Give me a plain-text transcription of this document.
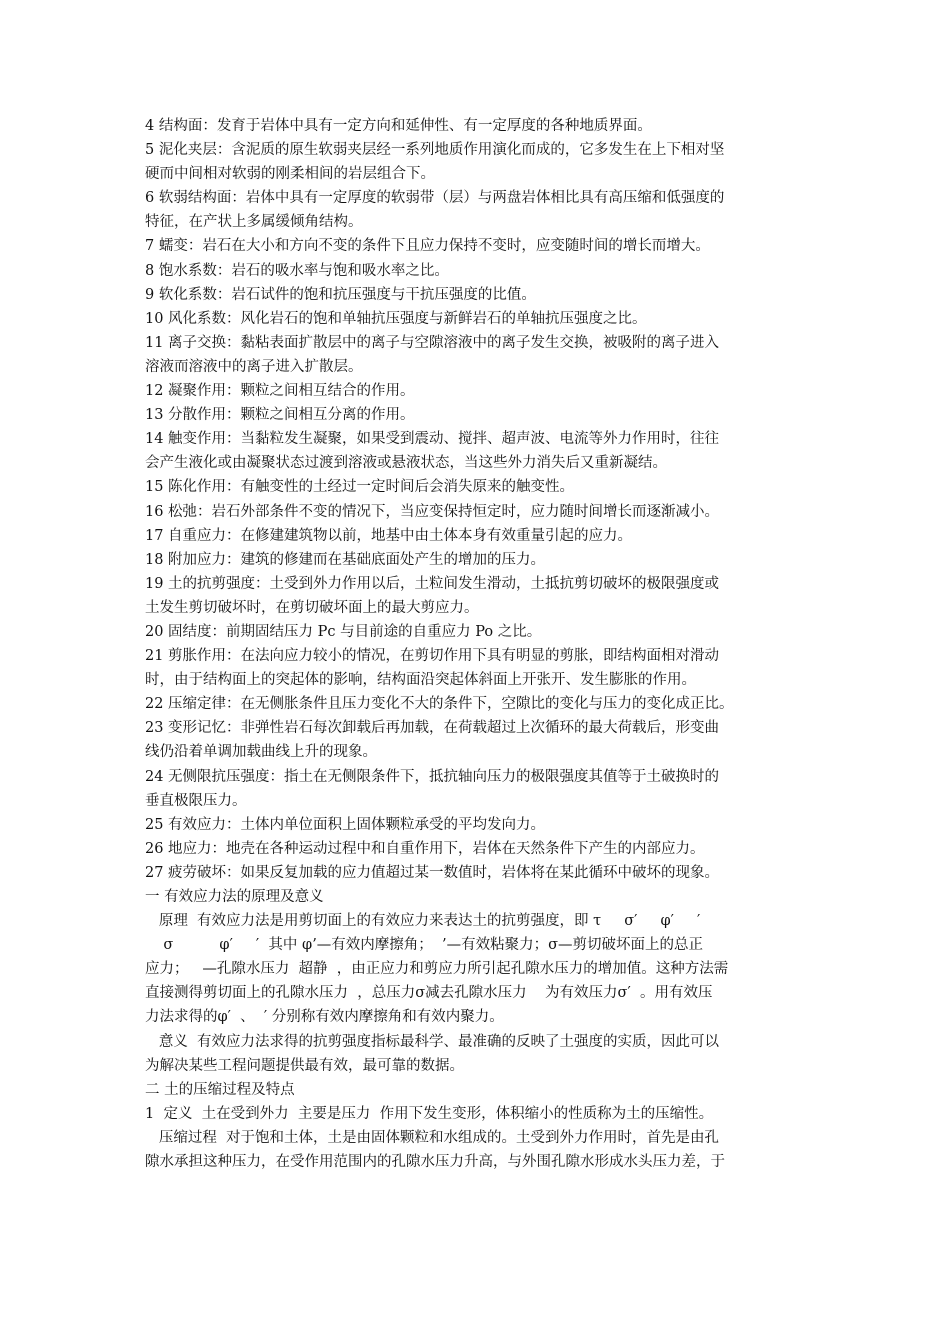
4 结构面：发育于岩体中具有一定方向和延伸性、有一定厚度的各种地质界面。
5 泥化夹层：含泥质的原生软弱夹层经一系列地质作用演化而成的，它多发生在上下相对坚
硬而中间相对软弱的刚柔相间的岩层组合下。
6 软弱结构面：岩体中具有一定厚度的软弱带（层）与两盘岩体相比具有高压缩和低强度的
特征，在产状上多属缓倾角结构。
7 蠕变：岩石在大小和方向不变的条件下且应力保持不变时，应变随时间的增长而增大。
8 饱水系数：岩石的吸水率与饱和吸水率之比。
9 软化系数：岩石试件的饱和抗压强度与干抗压强度的比值。
10 风化系数：风化岩石的饱和单轴抗压强度与新鲜岩石的单轴抗压强度之比。
11 离子交换：黏粘表面扩散层中的离子与空隙溶液中的离子发生交换，被吸附的离子进入
溶液而溶液中的离子进入扩散层。
12 凝聚作用：颗粒之间相互结合的作用。
13 分散作用：颗粒之间相互分离的作用。
14 触变作用：当黏粒发生凝聚，如果受到震动、搅拌、超声波、电流等外力作用时，往往
会产生液化或由凝聚状态过渡到溶液或悬液状态，当这些外力消失后又重新凝结。
15 陈化作用：有触变性的土经过一定时间后会消失原来的触变性。
16 松弛：岩石外部条件不变的情况下，当应变保持恒定时，应力随时间增长而逐渐减小。
17 自重应力：在修建建筑物以前，地基中由土体本身有效重量引起的应力。
18 附加应力：建筑的修建而在基础底面处产生的增加的压力。
19 土的抗剪强度：土受到外力作用以后，土粒间发生滑动，土抵抗剪切破坏的极限强度或
土发生剪切破坏时，在剪切破坏面上的最大剪应力。
20 固结度：前期固结压力 Pc 与目前途的自重应力 Po 之比。
21 剪胀作用：在法向应力较小的情况，在剪切作用下具有明显的剪胀，即结构面相对滑动
时，由于结构面上的突起体的影响，结构面沿突起体斜面上开张开、发生膨胀的作用。
22 压缩定律：在无侧胀条件且压力变化不大的条件下，空隙比的变化与压力的变化成正比。
23 变形记忆：非弹性岩石每次卸载后再加载，在荷载超过上次循环的最大荷载后，形变曲
线仍沿着单调加载曲线上升的现象。
24 无侧限抗压强度：指土在无侧限条件下，抵抗轴向压力的极限强度其值等于土破换时的
垂直极限压力。
25 有效应力：土体内单位面积上固体颗粒承受的平均发向力。
26 地应力：地壳在各种运动过程中和自重作用下，岩体在天然条件下产生的内部应力。
27 疲劳破坏：如果反复加载的应力值超过某一数值时，岩体将在某此循环中破坏的现象。
一 有效应力法的原理及意义
原理  有效应力法是用剪切面上的有效应力来表达土的抗剪强度，即 τ     σ′     φ′     ′
σ          φ′     ′  其中 φ’—有效内摩擦角；  ’—有效粘聚力；σ—剪切破坏面上的总正
应力；   —孔隙水压力  超静  ，由正应力和剪应力所引起孔隙水压力的增加值。这种方法需
直接测得剪切面上的孔隙水压力  ，总压力σ减去孔隙水压力    为有效压力σ′  。用有效压
力法求得的φ′  、  ′ 分别称有效内摩擦角和有效内聚力。
意义  有效应力法求得的抗剪强度指标最科学、最准确的反映了土强度的实质，因此可以
为解决某些工程问题提供最有效，最可靠的数据。
二 土的压缩过程及特点
1  定义  土在受到外力  主要是压力  作用下发生变形，体积缩小的性质称为土的压缩性。
压缩过程  对于饱和土体，土是由固体颗粒和水组成的。土受到外力作用时，首先是由孔
隙水承担这种压力，在受作用范围内的孔隙水压力升高，与外围孔隙水形成水头压力差，于
